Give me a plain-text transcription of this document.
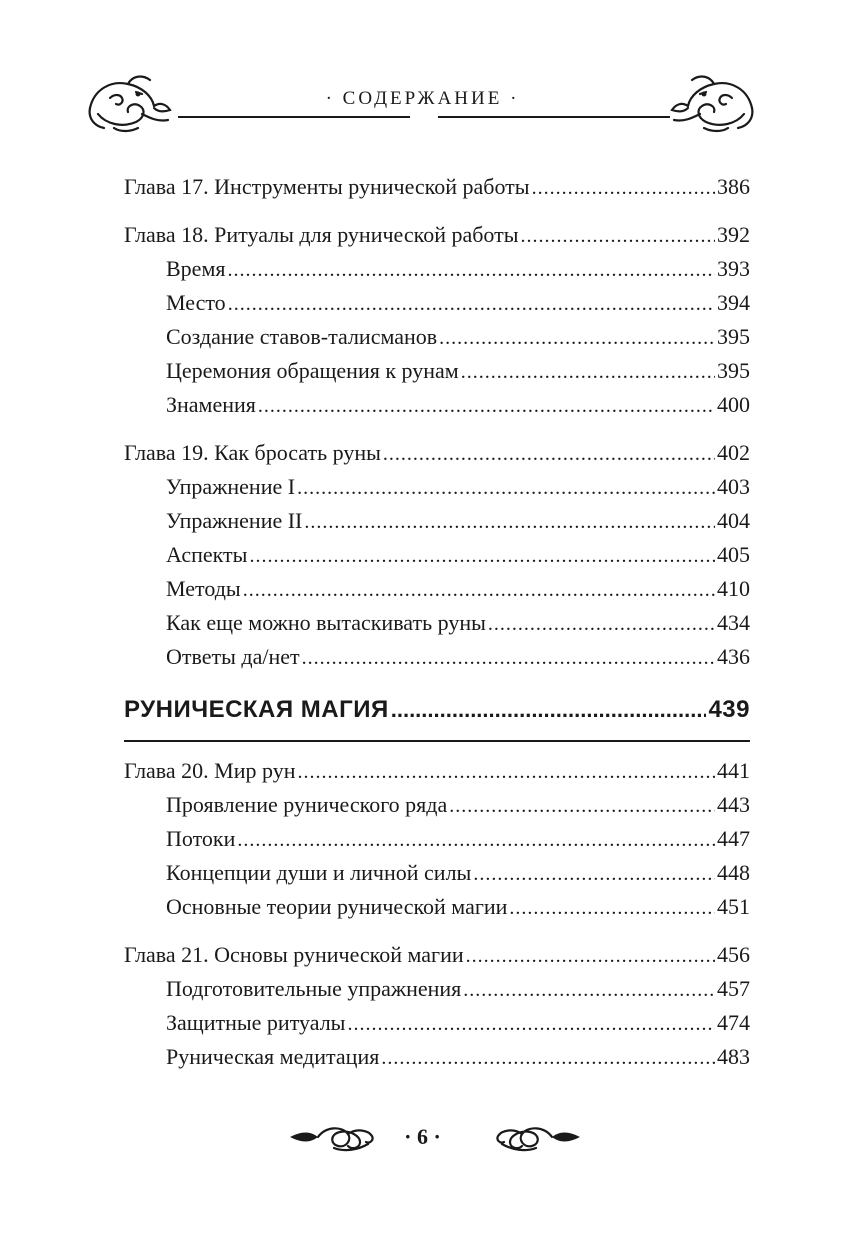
· СОДЕРЖАНИЕ ·
Глава 17. Инструменты рунической работы .....	386
Глава 18. Ритуалы для рунической работы .....	392
Время .....	393
Место .....	394
Создание ставов-талисманов .....	395
Церемония обращения к рунам .....	395
Знамения .....	400
Глава 19. Как бросать руны .....	402
Упражнение I .....	403
Упражнение II .....	404
Аспекты .....	405
Методы .....	410
Как еще можно вытаскивать руны .....	434
Ответы да/нет .....	436
РУНИЧЕСКАЯ МАГИЯ .....	439
Глава 20. Мир рун .....	441
Проявление рунического ряда .....	443
Потоки .....	447
Концепции души и личной силы .....	448
Основные теории рунической магии .....	451
Глава 21. Основы рунической магии .....	456
Подготовительные упражнения .....	457
Защитные ритуалы .....	474
Руническая медитация .....	483
· 6 ·
